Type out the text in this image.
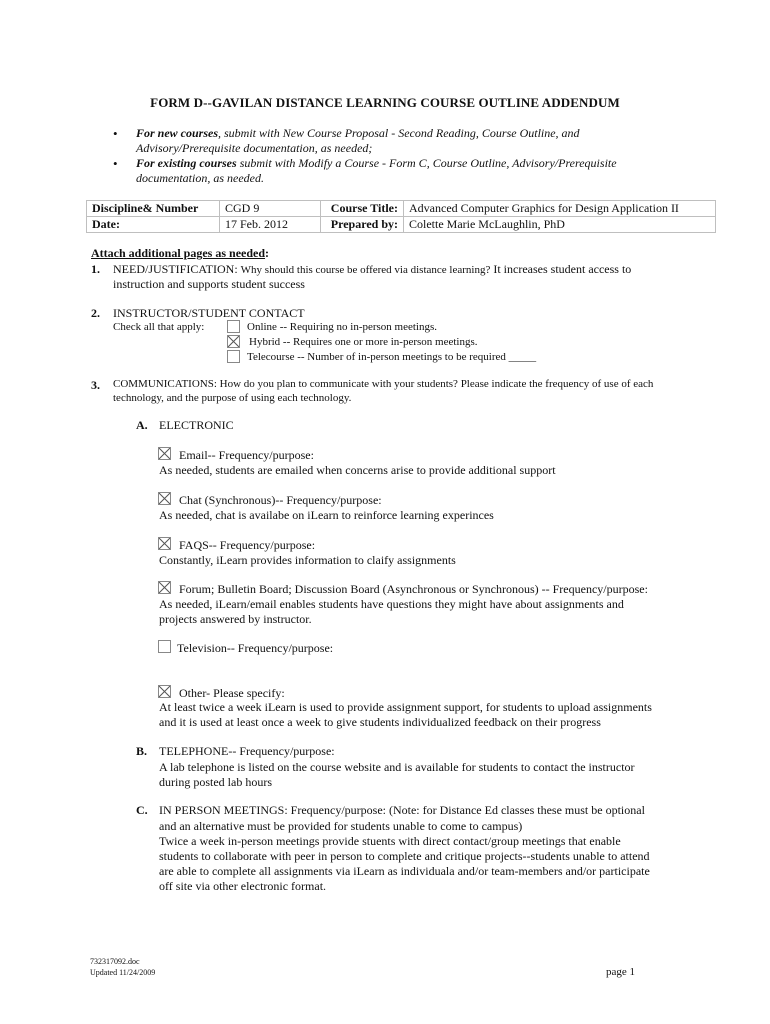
FORM D--GAVILAN DISTANCE LEARNING COURSE OUTLINE ADDENDUM
• For new courses, submit with New Course Proposal - Second Reading, Course Outline, and
Advisory/Prerequisite documentation, as needed;
• For existing courses submit with Modify a Course - Form C, Course Outline, Advisory/Prerequisite
documentation, as needed.
Discipline& Number	CGD 9	Course Title:	Advanced Computer Graphics for Design Application II
Date:	17 Feb. 2012	Prepared by:	Colette Marie McLaughlin, PhD
Attach additional pages as needed:
1. NEED/JUSTIFICATION: Why should this course be offered via distance learning? It increases student access to
instruction and supports student success
2. INSTRUCTOR/STUDENT CONTACT
Check all that apply:	Online -- Requiring no in-person meetings.
Hybrid -- Requires one or more in-person meetings.
Telecourse -- Number of in-person meetings to be required _____
3. COMMUNICATIONS: How do you plan to communicate with your students? Please indicate the frequency of use of each
technology, and the purpose of using each technology.
A. ELECTRONIC
Email-- Frequency/purpose:
As needed, students are emailed when concerns arise to provide additional support
Chat (Synchronous)-- Frequency/purpose:
As needed, chat is availabe on iLearn to reinforce learning experinces
FAQS-- Frequency/purpose:
Constantly, iLearn provides information to claify assignments
Forum; Bulletin Board; Discussion Board (Asynchronous or Synchronous) -- Frequency/purpose:
As needed, iLearn/email enables students have questions they might have about assignments and
projects answered by instructor.
Television-- Frequency/purpose:
Other- Please specify:
At least twice a week iLearn is used to provide assignment support, for students to upload assignments
and it is used at least once a week to give students individualized feedback on their progress
B. TELEPHONE-- Frequency/purpose:
A lab telephone is listed on the course website and is available for students to contact the instructor
during posted lab hours
C. IN PERSON MEETINGS: Frequency/purpose: (Note: for Distance Ed classes these must be optional
and an alternative must be provided for students unable to come to campus)
Twice a week in-person meetings provide stuents with direct contact/group meetings that enable
students to collaborate with peer in person to complete and critique projects--students unable to attend
are able to complete all assignments via iLearn as individuala and/or team-members and/or participate
off site via other electronic format.
732317092.doc
Updated 11/24/2009	page 1
